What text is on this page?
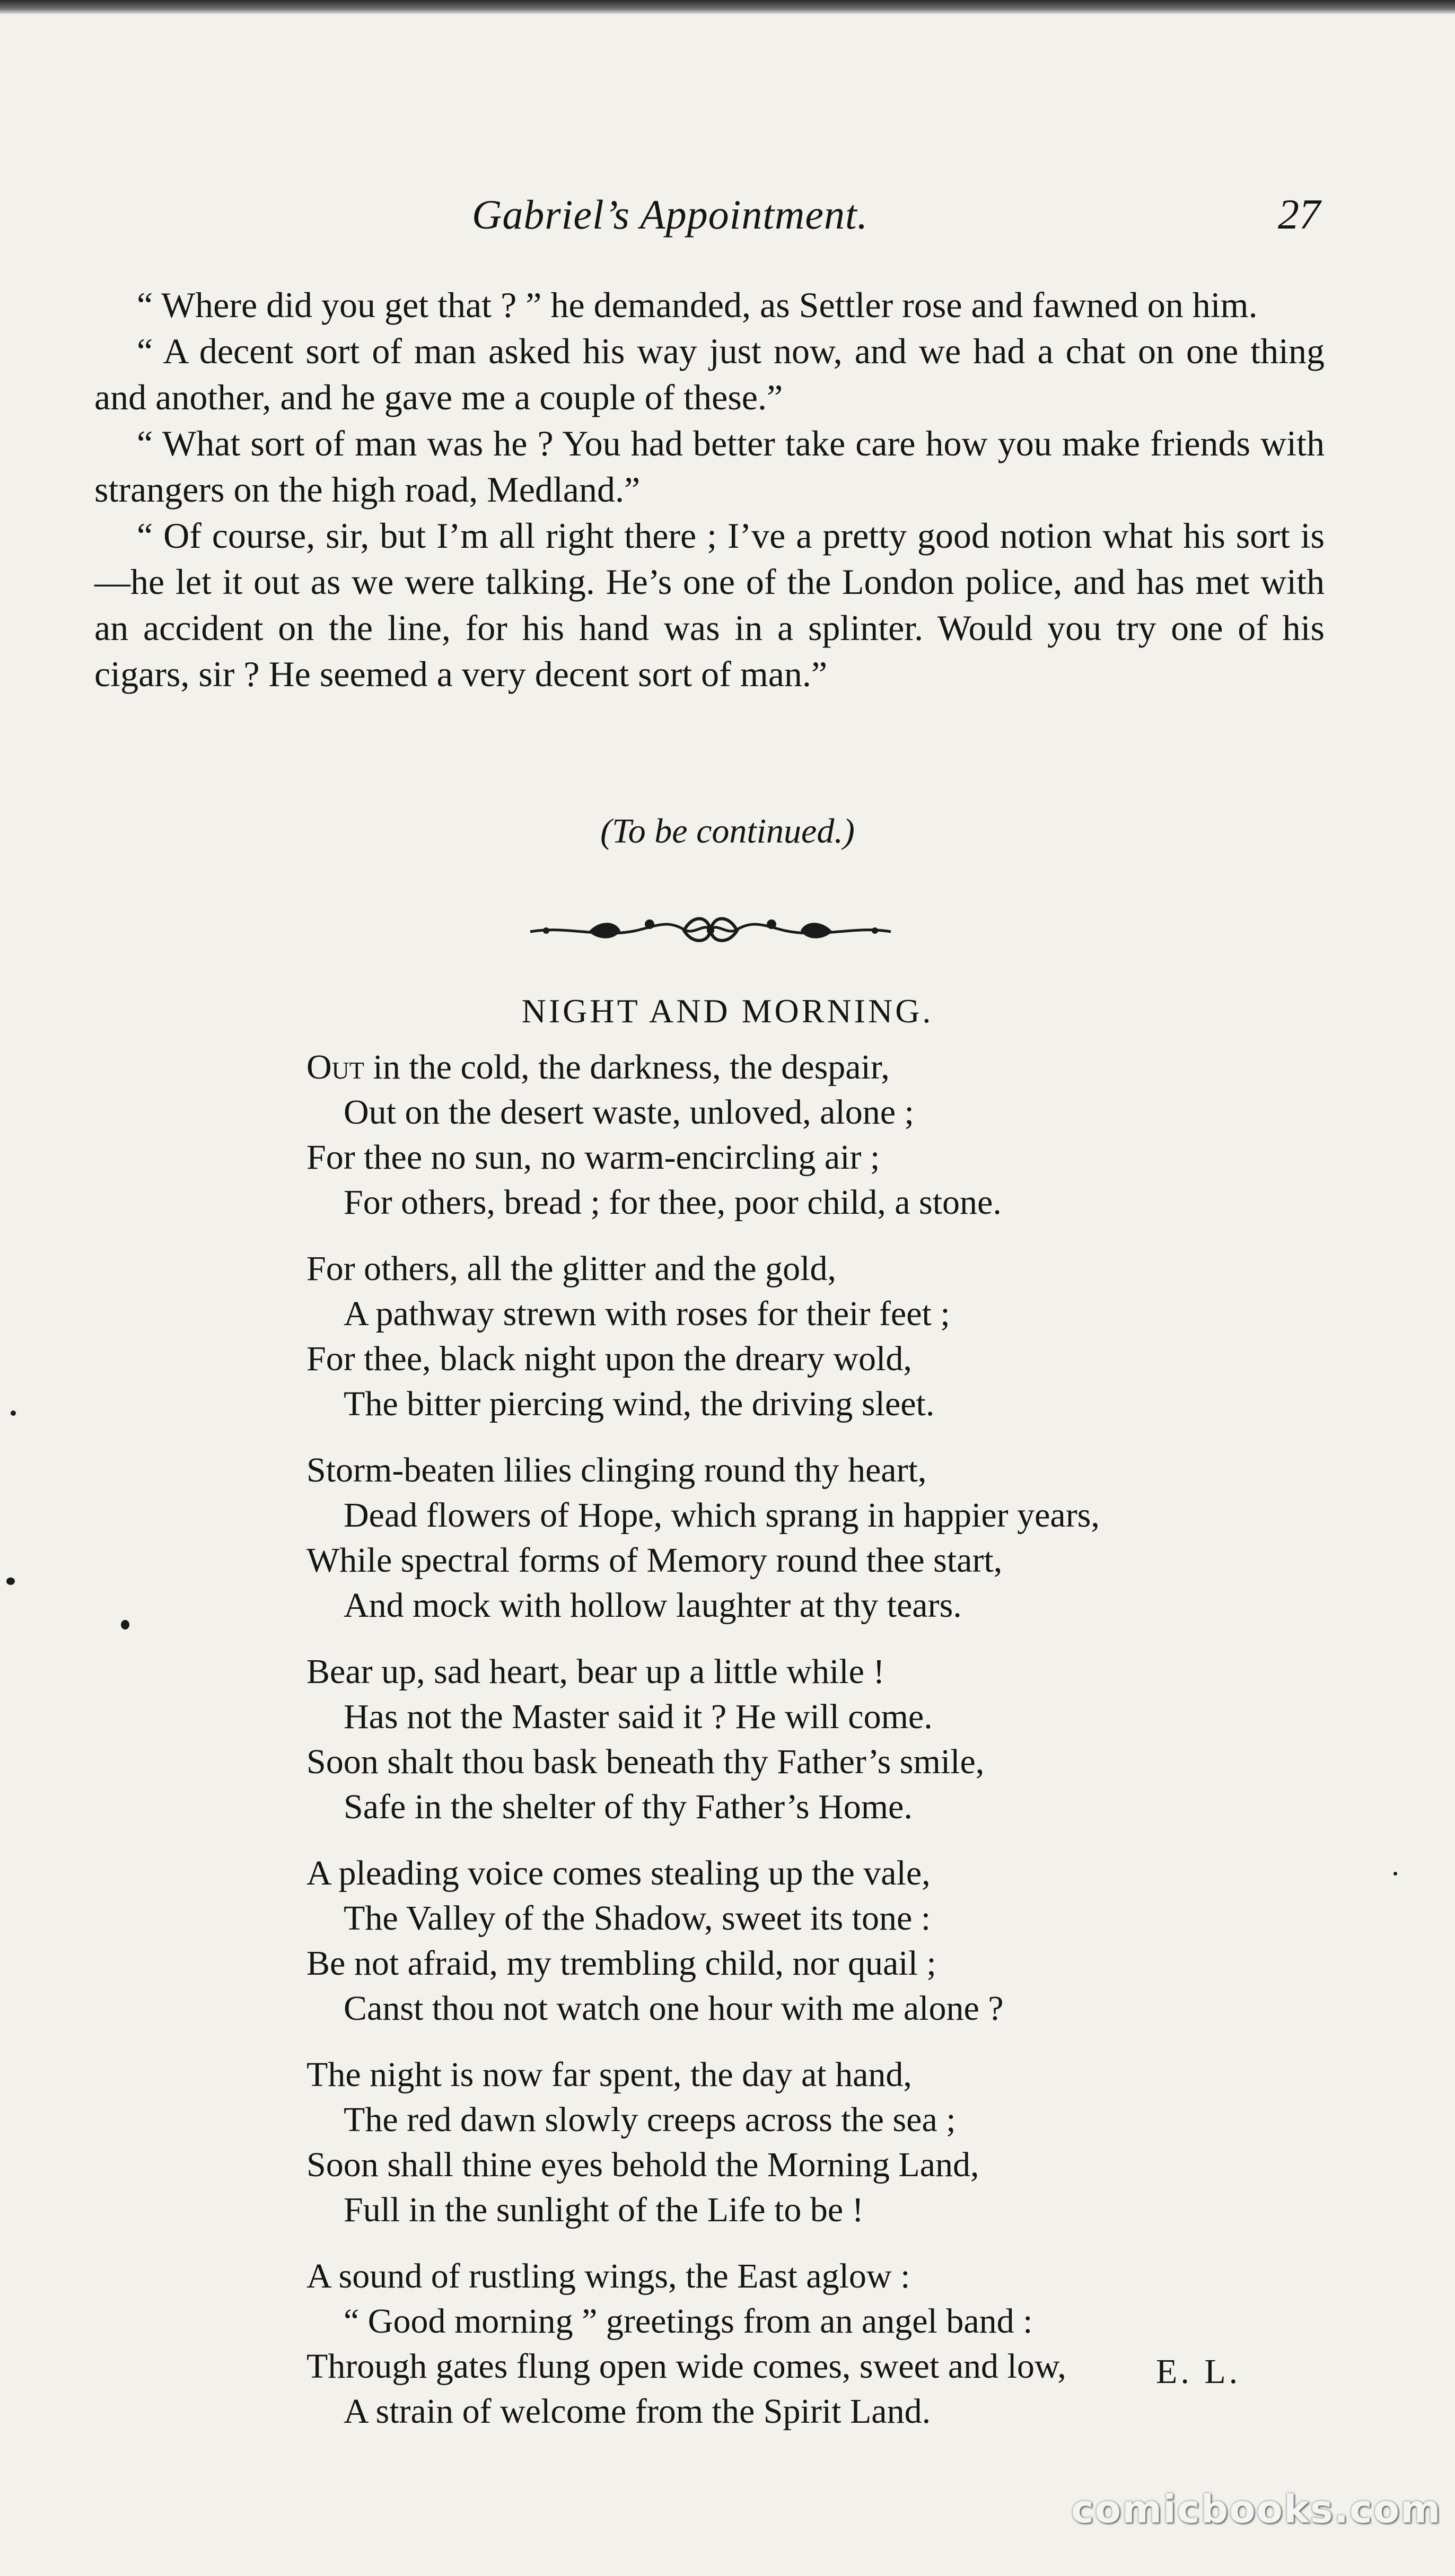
Gabriel’s Appointment.	27

“ Where did you get that ? ” he demanded, as Settler rose and fawned on him.

“ A decent sort of man asked his way just now, and we had a chat on one thing and another, and he gave me a couple of these.”

“ What sort of man was he ? You had better take care how you make friends with strangers on the high road, Medland.”

“ Of course, sir, but I’m all right there ; I’ve a pretty good notion what his sort is—he let it out as we were talking. He’s one of the London police, and has met with an accident on the line, for his hand was in a splinter. Would you try one of his cigars, sir ? He seemed a very decent sort of man.”

(To be continued.)
NIGHT AND MORNING.
Out in the cold, the darkness, the despair,
Out on the desert waste, unloved, alone ;
For thee no sun, no warm-encircling air ;
For others, bread ; for thee, poor child, a stone.
For others, all the glitter and the gold,
A pathway strewn with roses for their feet ;
For thee, black night upon the dreary wold,
The bitter piercing wind, the driving sleet.
Storm-beaten lilies clinging round thy heart,
Dead flowers of Hope, which sprang in happier years,
While spectral forms of Memory round thee start,
And mock with hollow laughter at thy tears.
Bear up, sad heart, bear up a little while !
Has not the Master said it ? He will come.
Soon shalt thou bask beneath thy Father’s smile,
Safe in the shelter of thy Father’s Home.
A pleading voice comes stealing up the vale,
The Valley of the Shadow, sweet its tone :
Be not afraid, my trembling child, nor quail ;
Canst thou not watch one hour with me alone ?
The night is now far spent, the day at hand,
The red dawn slowly creeps across the sea ;
Soon shall thine eyes behold the Morning Land,
Full in the sunlight of the Life to be !
A sound of rustling wings, the East aglow :
“ Good morning ” greetings from an angel band :
Through gates flung open wide comes, sweet and low,
A strain of welcome from the Spirit Land.
E. L.
comicbooks.com
